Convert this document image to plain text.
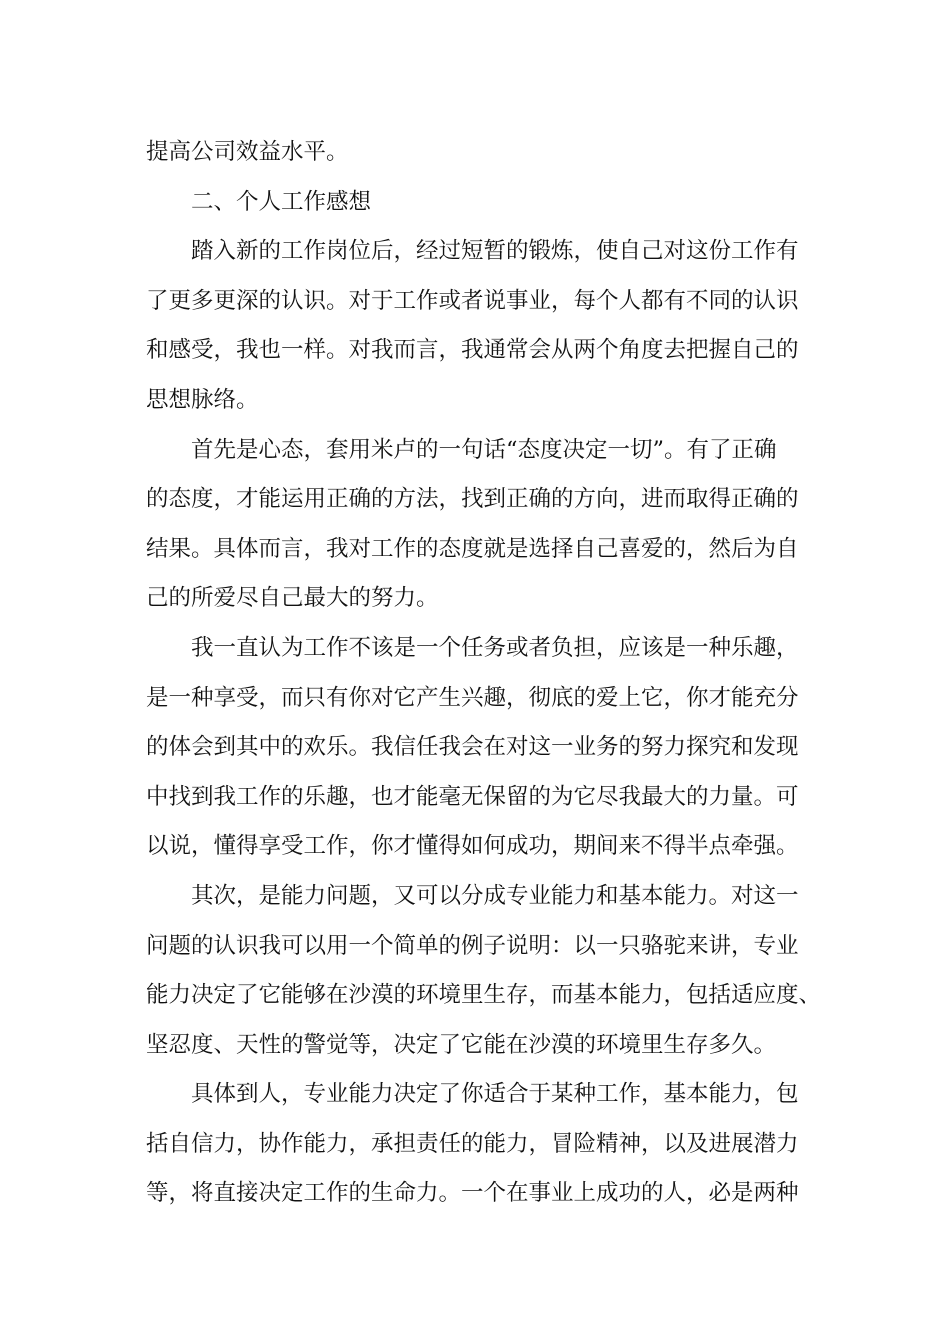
提高公司效益水平。

二、个人工作感想

踏入新的工作岗位后，经过短暂的锻炼，使自己对这份工作有

了更多更深的认识。对于工作或者说事业，每个人都有不同的认识

和感受，我也一样。对我而言，我通常会从两个角度去把握自己的

思想脉络。

首先是心态，套用米卢的一句话“态度决定一切”。有了正确

的态度，才能运用正确的方法，找到正确的方向，进而取得正确的

结果。具体而言，我对工作的态度就是选择自己喜爱的，然后为自

己的所爱尽自己最大的努力。

我一直认为工作不该是一个任务或者负担，应该是一种乐趣，

是一种享受，而只有你对它产生兴趣，彻底的爱上它，你才能充分

的体会到其中的欢乐。我信任我会在对这一业务的努力探究和发现

中找到我工作的乐趣，也才能毫无保留的为它尽我最大的力量。可

以说，懂得享受工作，你才懂得如何成功，期间来不得半点牵强。

其次，是能力问题，又可以分成专业能力和基本能力。对这一

问题的认识我可以用一个简单的例子说明：以一只骆驼来讲，专业

能力决定了它能够在沙漠的环境里生存，而基本能力，包括适应度、

坚忍度、天性的警觉等，决定了它能在沙漠的环境里生存多久。

具体到人，专业能力决定了你适合于某种工作，基本能力，包

括自信力，协作能力，承担责任的能力，冒险精神，以及进展潜力

等，将直接决定工作的生命力。一个在事业上成功的人，必是两种
